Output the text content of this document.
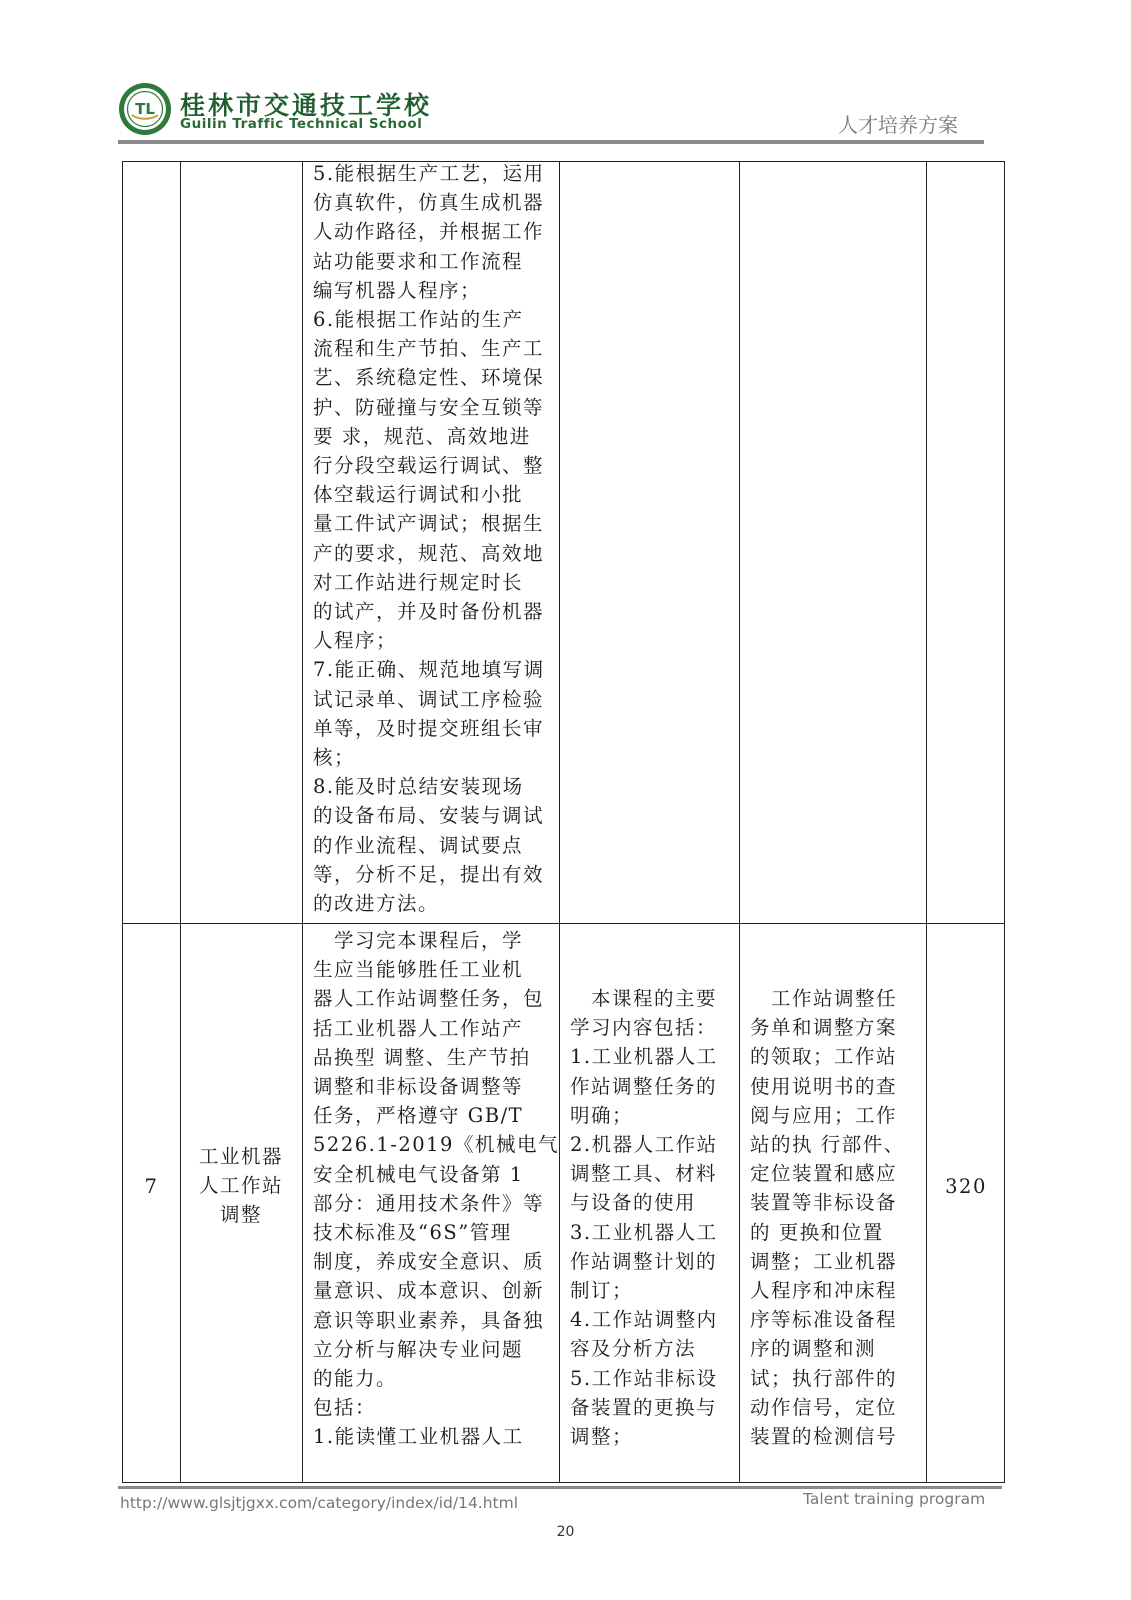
TL 桂林市交通技工学校
Guilin Traffic Technical School	人才培养方案
5.能根据生产工艺，运用
仿真软件，仿真生成机器
人动作路径，并根据工作
站功能要求和工作流程
编写机器人程序；
6.能根据工作站的生产
流程和生产节拍、生产工
艺、系统稳定性、环境保
护、防碰撞与安全互锁等
要 求，规范、高效地进
行分段空载运行调试、整
体空载运行调试和小批
量工件试产调试；根据生
产的要求，规范、高效地
对工作站进行规定时长
的试产，并及时备份机器
人程序；
7.能正确、规范地填写调
试记录单、调试工序检验
单等，及时提交班组长审
核；
8.能及时总结安装现场
的设备布局、安装与调试
的作业流程、调试要点
等，分析不足，提出有效
的改进方法。
7
工业机器
人工作站
调整
　学习完本课程后，学
生应当能够胜任工业机
器人工作站调整任务，包
括工业机器人工作站产
品换型 调整、生产节拍
调整和非标设备调整等
任务，严格遵守 GB/T
5226.1-2019《机械电气
安全机械电气设备第 1
部分：通用技术条件》等
技术标准及“6S”管理
制度，养成安全意识、质
量意识、成本意识、创新
意识等职业素养，具备独
立分析与解决专业问题
的能力。
包括：
1.能读懂工业机器人工
　本课程的主要
学习内容包括：
1.工业机器人工
作站调整任务的
明确；
2.机器人工作站
调整工具、材料
与设备的使用
3.工业机器人工
作站调整计划的
制订；
4.工作站调整内
容及分析方法
5.工作站非标设
备装置的更换与
调整；
　工作站调整任
务单和调整方案
的领取；工作站
使用说明书的查
阅与应用；工作
站的执 行部件、
定位装置和感应
装置等非标设备
的 更换和位置
调整；工业机器
人程序和冲床程
序等标准设备程
序的调整和测
试；执行部件的
动作信号，定位
装置的检测信号
320
http://www.glsjtjgxx.com/category/index/id/14.html	Talent training program
20
